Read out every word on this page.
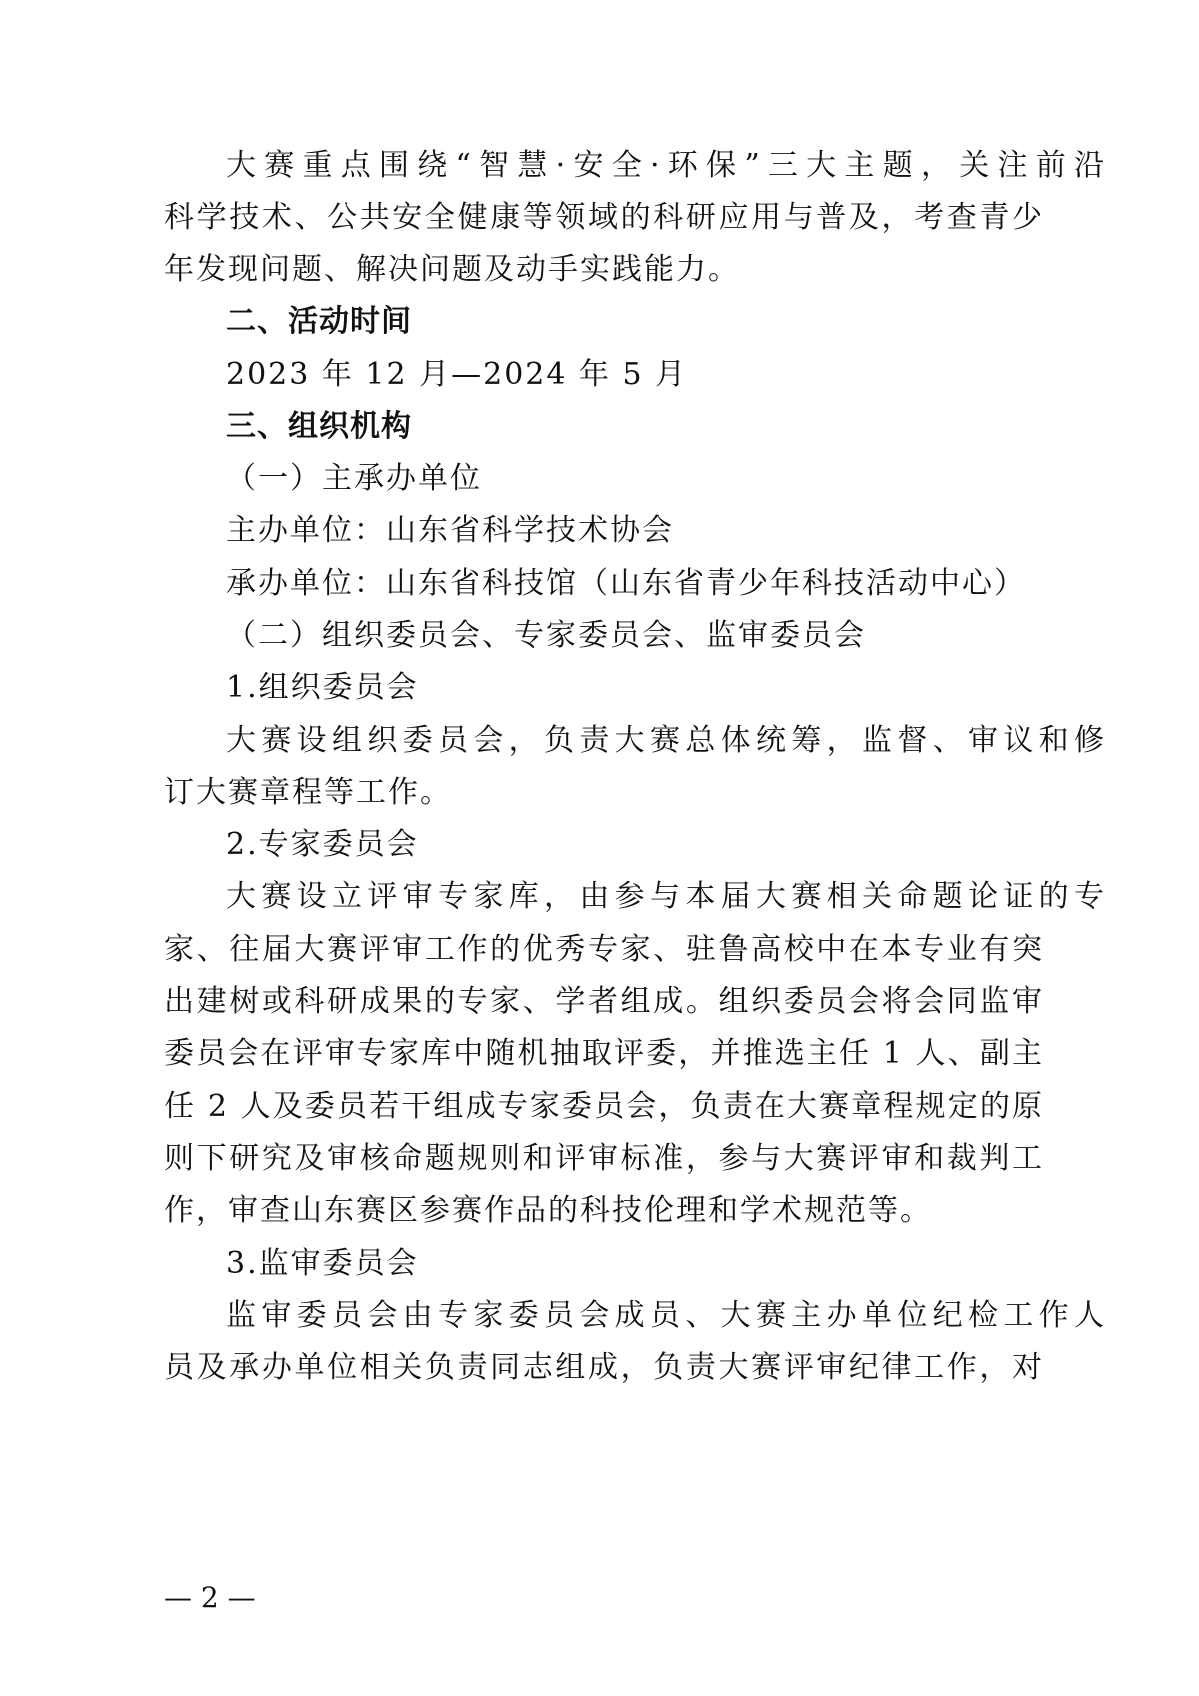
大赛重点围绕“智慧·安全·环保”三大主题，关注前沿
科学技术、公共安全健康等领域的科研应用与普及，考查青少
年发现问题、解决问题及动手实践能力。
二、活动时间
2023 年 12 月—2024 年 5 月
三、组织机构
（一）主承办单位
主办单位：山东省科学技术协会
承办单位：山东省科技馆（山东省青少年科技活动中心）
（二）组织委员会、专家委员会、监审委员会
1.组织委员会
大赛设组织委员会，负责大赛总体统筹，监督、审议和修
订大赛章程等工作。
2.专家委员会
大赛设立评审专家库，由参与本届大赛相关命题论证的专
家、往届大赛评审工作的优秀专家、驻鲁高校中在本专业有突
出建树或科研成果的专家、学者组成。组织委员会将会同监审
委员会在评审专家库中随机抽取评委，并推选主任 1 人、副主
任 2 人及委员若干组成专家委员会，负责在大赛章程规定的原
则下研究及审核命题规则和评审标准，参与大赛评审和裁判工
作，审查山东赛区参赛作品的科技伦理和学术规范等。
3.监审委员会
监审委员会由专家委员会成员、大赛主办单位纪检工作人
员及承办单位相关负责同志组成，负责大赛评审纪律工作，对
— 2 —
